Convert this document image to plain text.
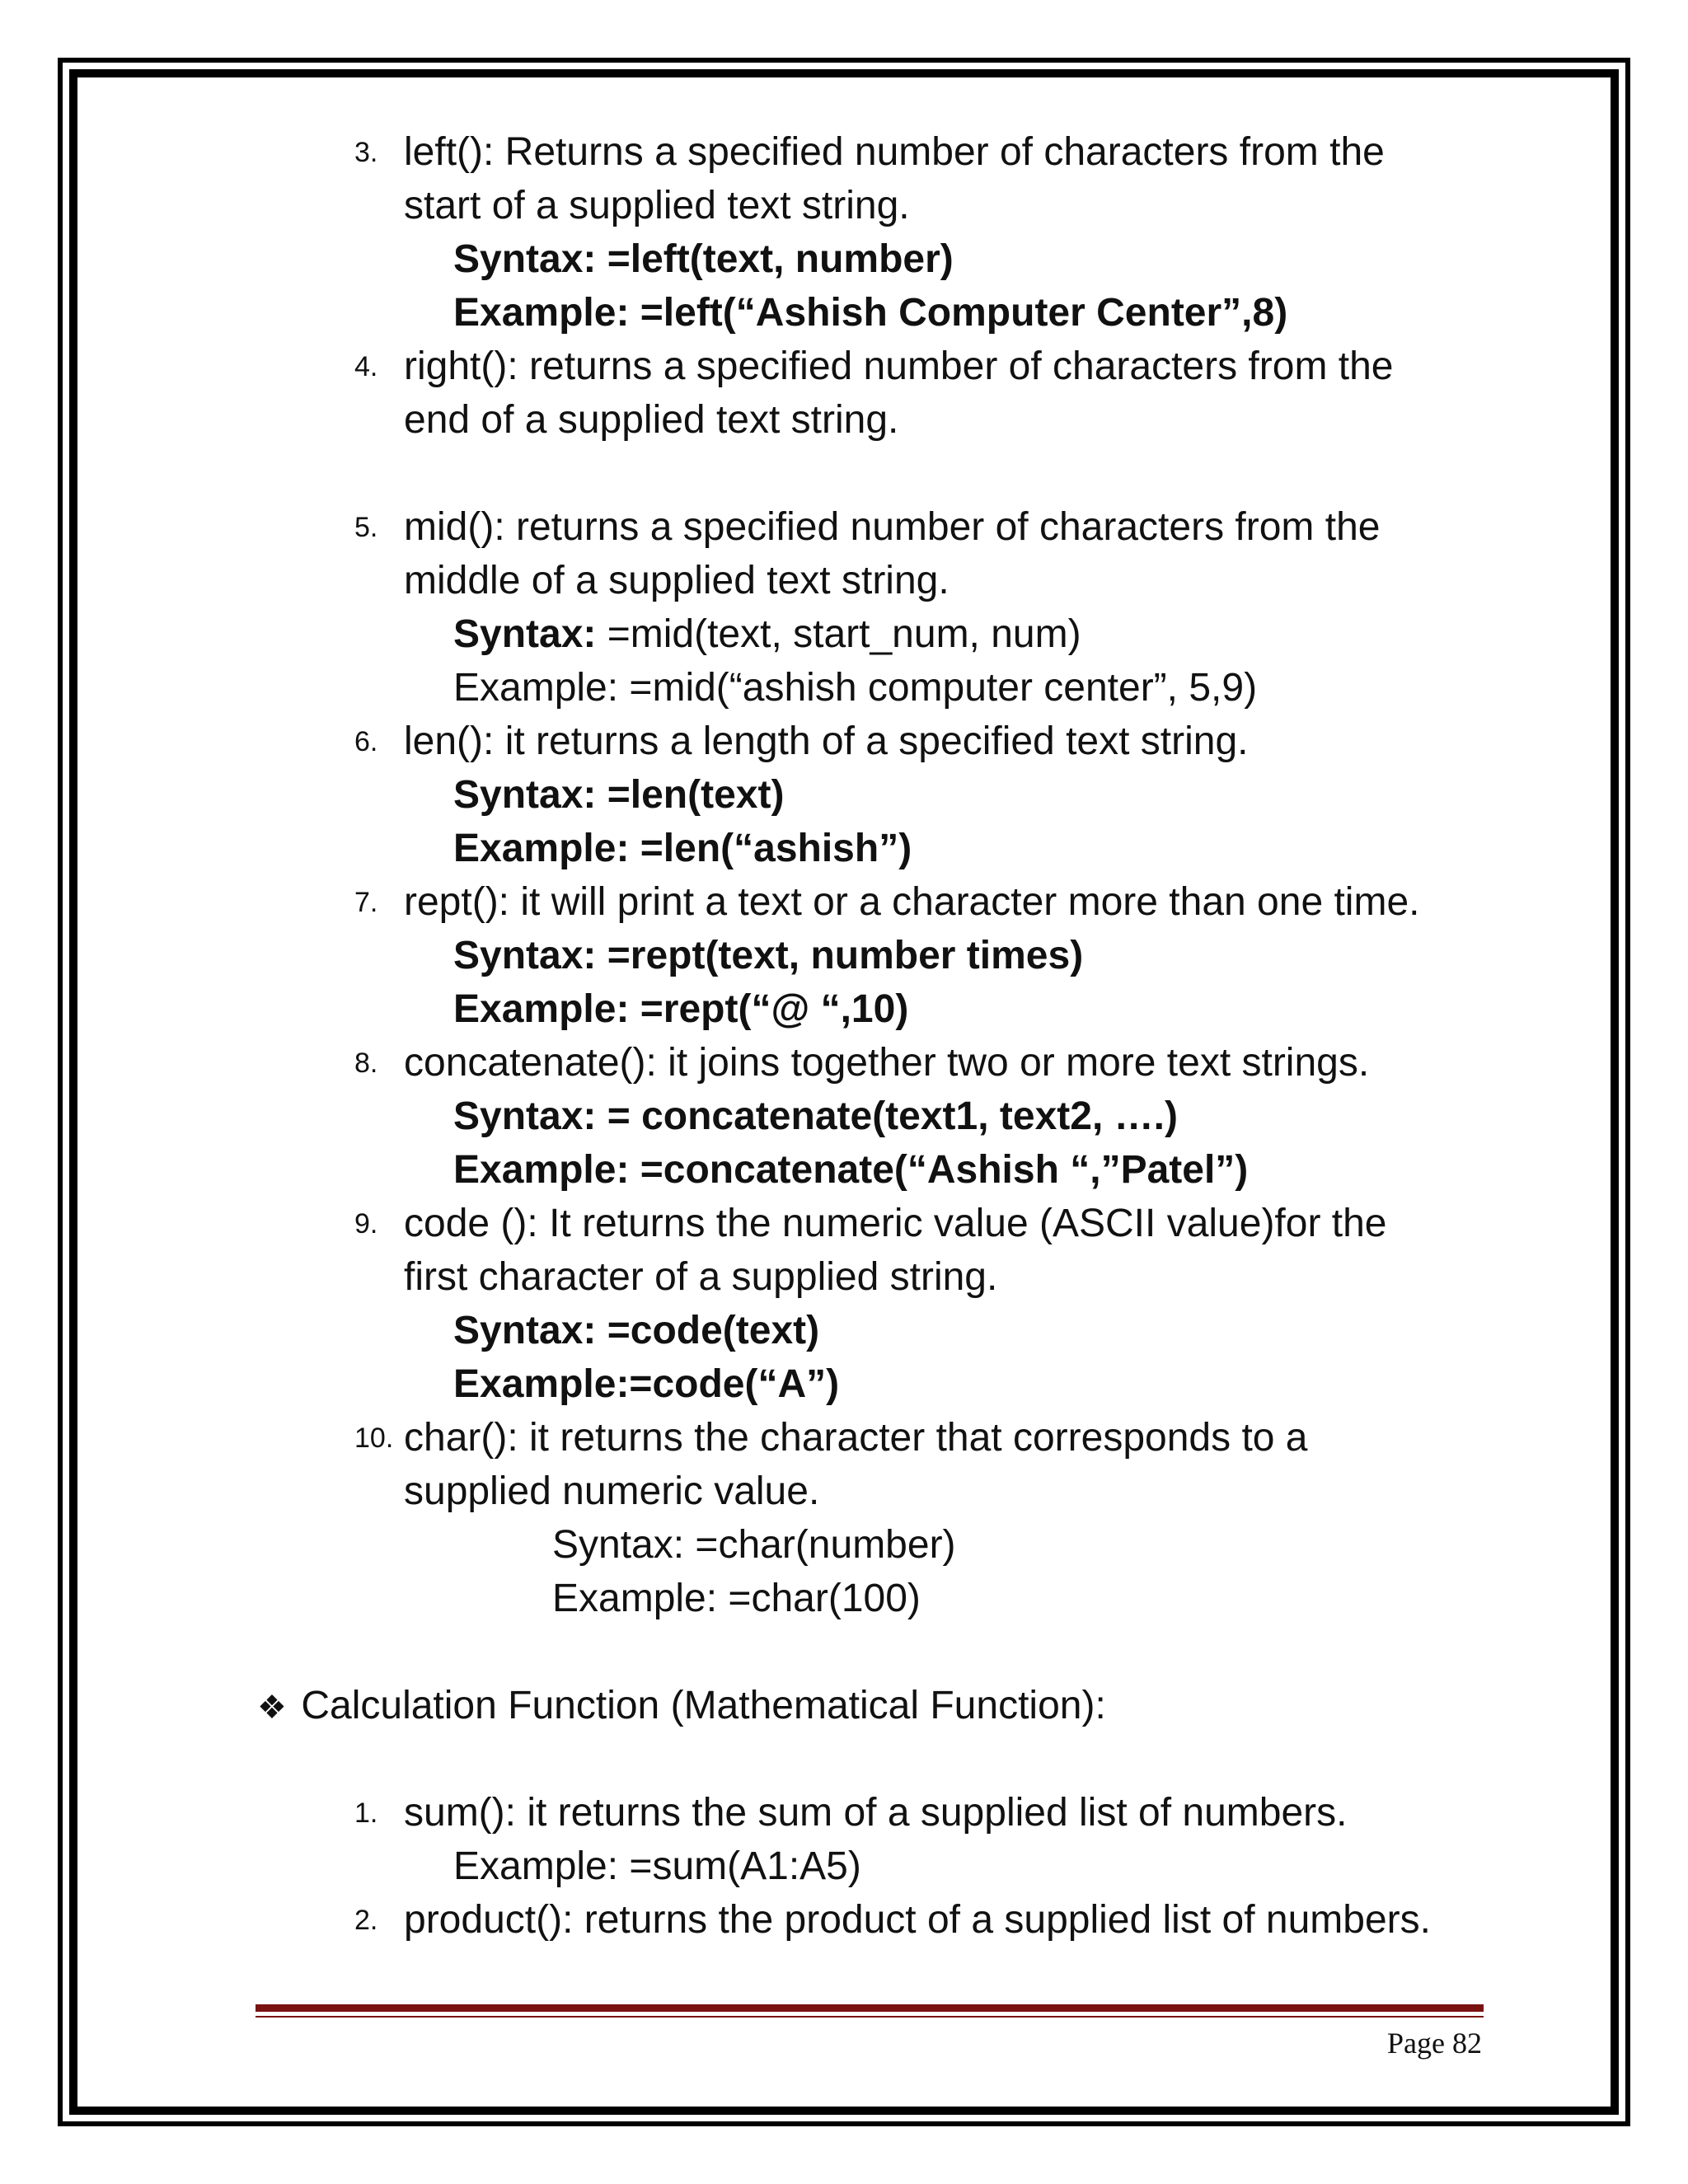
3. left(): Returns a specified number of characters from the
start of a supplied text string.
Syntax: =left(text, number)
Example: =left(“Ashish Computer Center”,8)
4. right(): returns a specified number of characters from the
end of a supplied text string.
5. mid(): returns a specified number of characters from the
middle of a supplied text string.
Syntax: =mid(text, start_num, num)
Example: =mid(“ashish computer center”, 5,9)
6. len(): it returns a length of a specified text string.
Syntax: =len(text)
Example: =len(“ashish”)
7. rept(): it will print a text or a character more than one time.
Syntax: =rept(text, number times)
Example: =rept(“@ “,10)
8. concatenate(): it joins together two or more text strings.
Syntax: = concatenate(text1, text2, ….)
Example: =concatenate(“Ashish “,”Patel”)
9. code (): It returns the numeric value (ASCII value)for the
first character of a supplied string.
Syntax: =code(text)
Example:=code(“A”)
10. char(): it returns the character that corresponds to a
supplied numeric value.
Syntax: =char(number)
Example: =char(100)
❖ Calculation Function (Mathematical Function):
1. sum(): it returns the sum of a supplied list of numbers.
Example: =sum(A1:A5)
2. product(): returns the product of a supplied list of numbers.
Page 82
